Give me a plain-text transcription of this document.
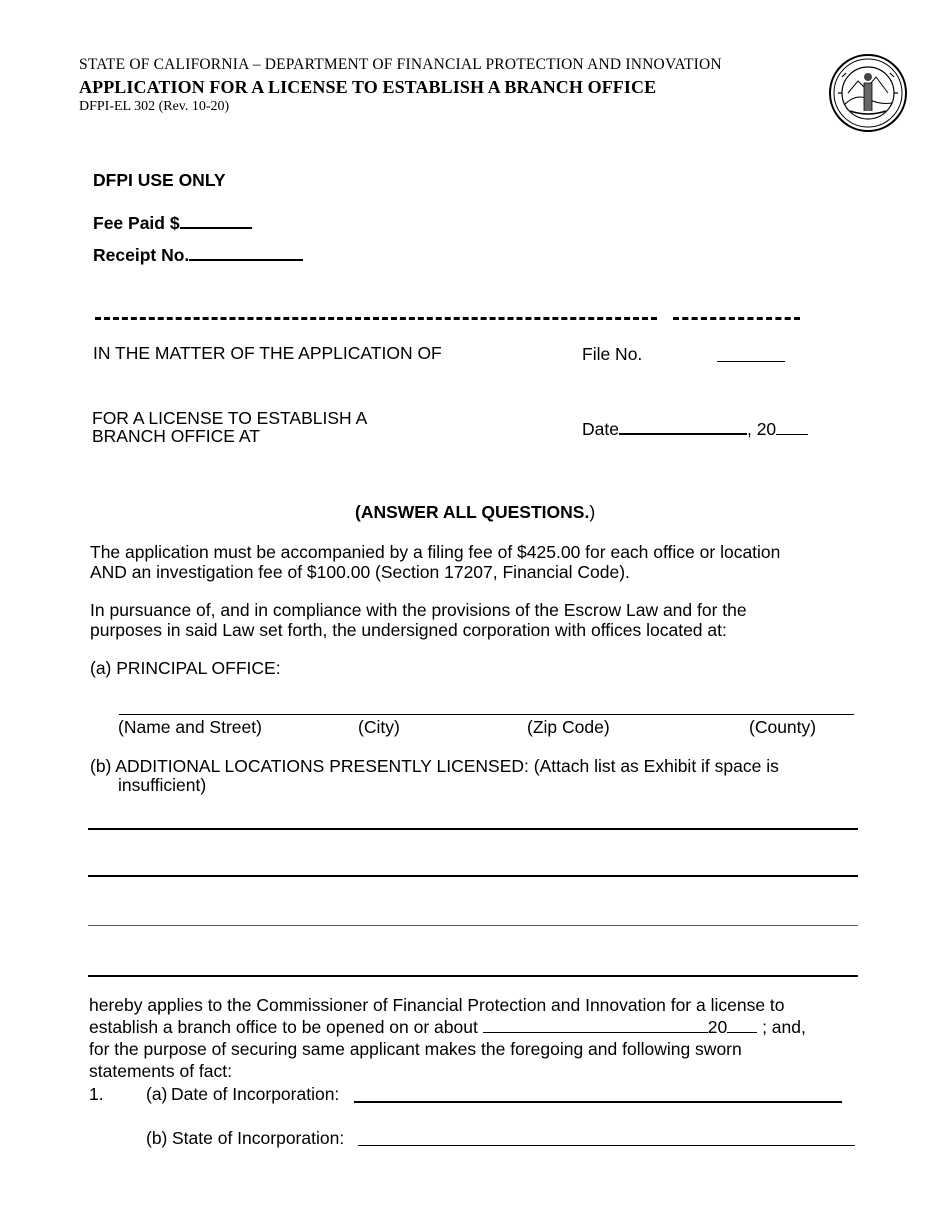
STATE OF CALIFORNIA – DEPARTMENT OF FINANCIAL PROTECTION AND INNOVATION
APPLICATION FOR A LICENSE TO ESTABLISH A BRANCH OFFICE
DFPI-EL 302 (Rev. 10-20)
DFPI USE ONLY
Fee Paid $
Receipt No.
IN THE MATTER OF THE APPLICATION OF	File No.
FOR A LICENSE TO ESTABLISH A
BRANCH OFFICE AT	Date	, 20
(ANSWER ALL QUESTIONS.)
The application must be accompanied by a filing fee of $425.00 for each office or location
AND an investigation fee of $100.00 (Section 17207, Financial Code).
In pursuance of, and in compliance with the provisions of the Escrow Law and for the
purposes in said Law set forth, the undersigned corporation with offices located at:
(a) PRINCIPAL OFFICE:
(Name and Street)	(City)	(Zip Code)	(County)
(b) ADDITIONAL LOCATIONS PRESENTLY LICENSED: (Attach list as Exhibit if space is
insufficient)
hereby applies to the Commissioner of Financial Protection and Innovation for a license to
establish a branch office to be opened on or about	20 ; and,
for the purpose of securing same applicant makes the foregoing and following sworn
statements of fact:
1. (a) Date of Incorporation:
(b) State of Incorporation:
